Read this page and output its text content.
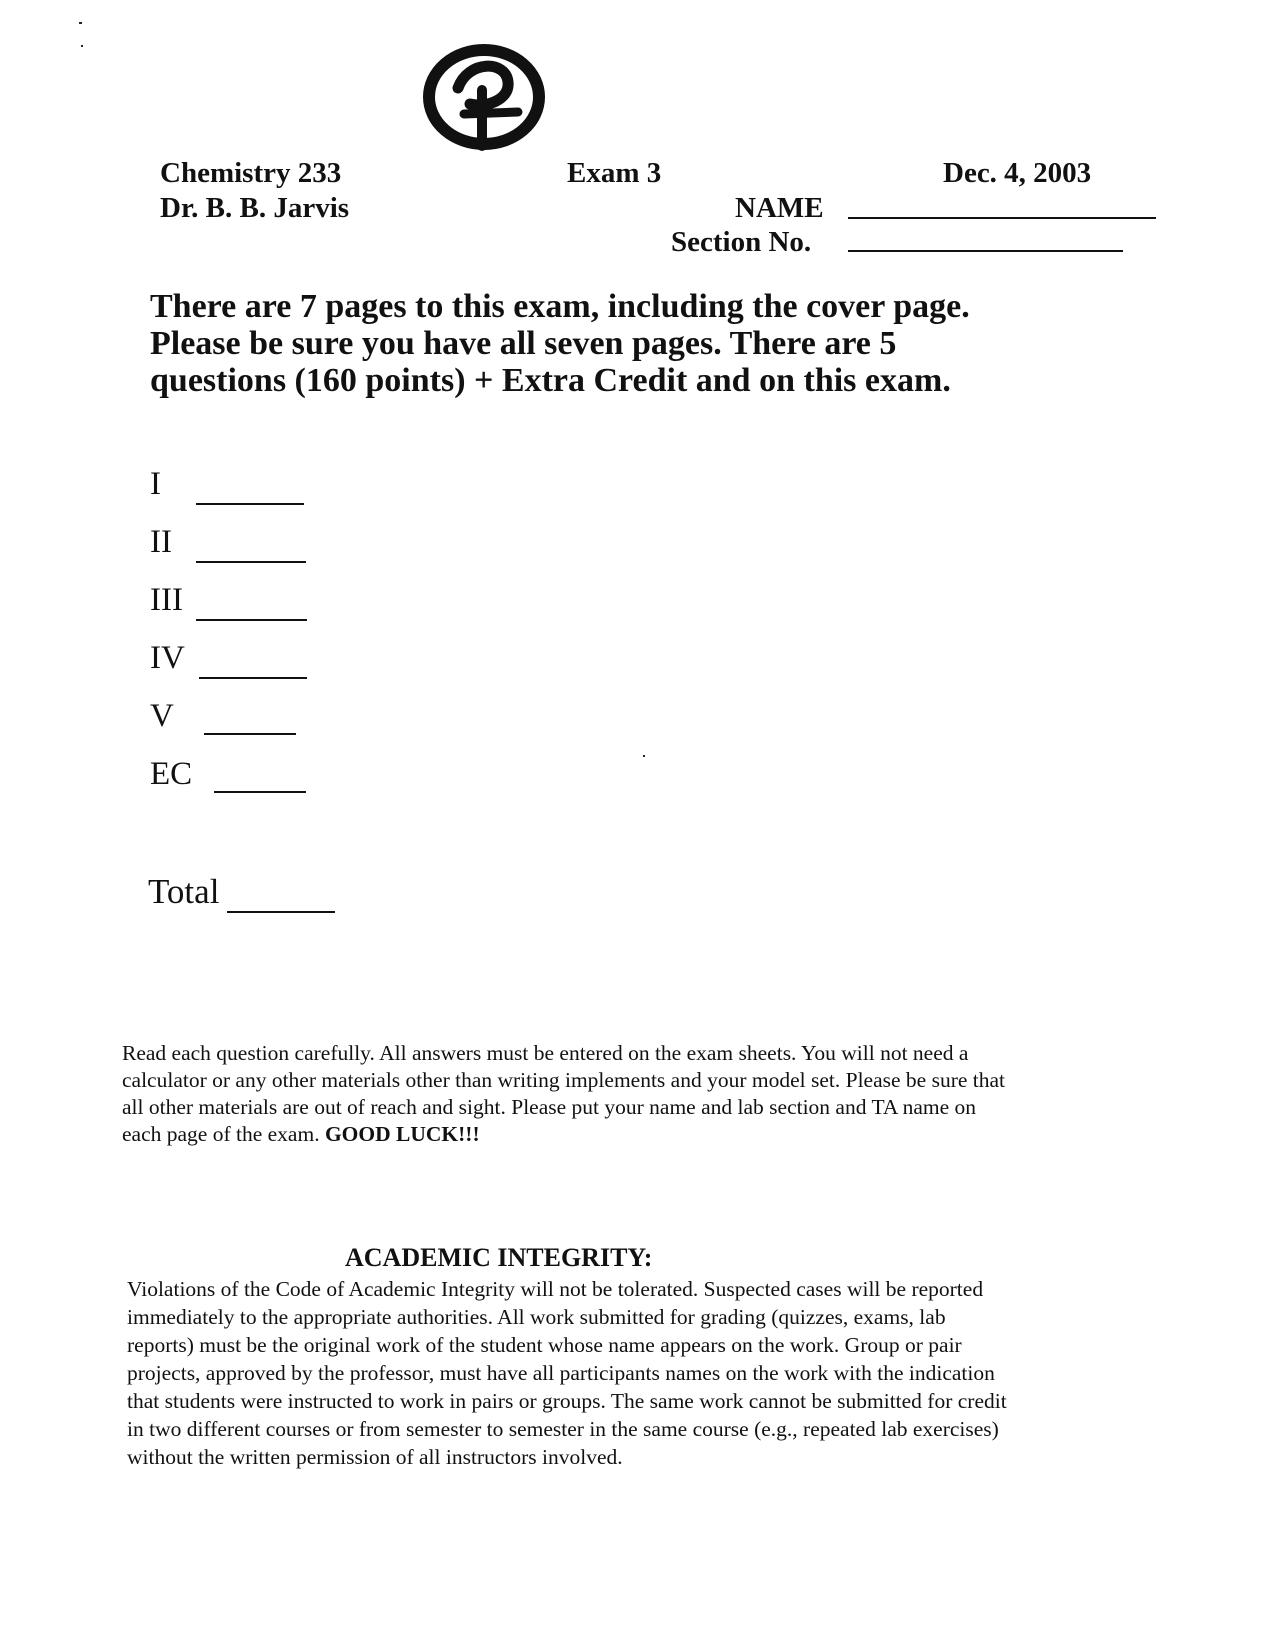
Chemistry 233
Dr. B. B. Jarvis
Exam 3	Dec. 4, 2003
NAME
Section No.
There are 7 pages to this exam, including the cover page.
Please be sure you have all seven pages. There are 5
questions (160 points) + Extra Credit and on this exam.
I
II
III
IV
V
EC
Total
Read each question carefully. All answers must be entered on the exam sheets. You will not need a
calculator or any other materials other than writing implements and your model set. Please be sure that
all other materials are out of reach and sight. Please put your name and lab section and TA name on
each page of the exam. GOOD LUCK!!!
ACADEMIC INTEGRITY:
Violations of the Code of Academic Integrity will not be tolerated. Suspected cases will be reported
immediately to the appropriate authorities. All work submitted for grading (quizzes, exams, lab
reports) must be the original work of the student whose name appears on the work. Group or pair
projects, approved by the professor, must have all participants names on the work with the indication
that students were instructed to work in pairs or groups. The same work cannot be submitted for credit
in two different courses or from semester to semester in the same course (e.g., repeated lab exercises)
without the written permission of all instructors involved.
